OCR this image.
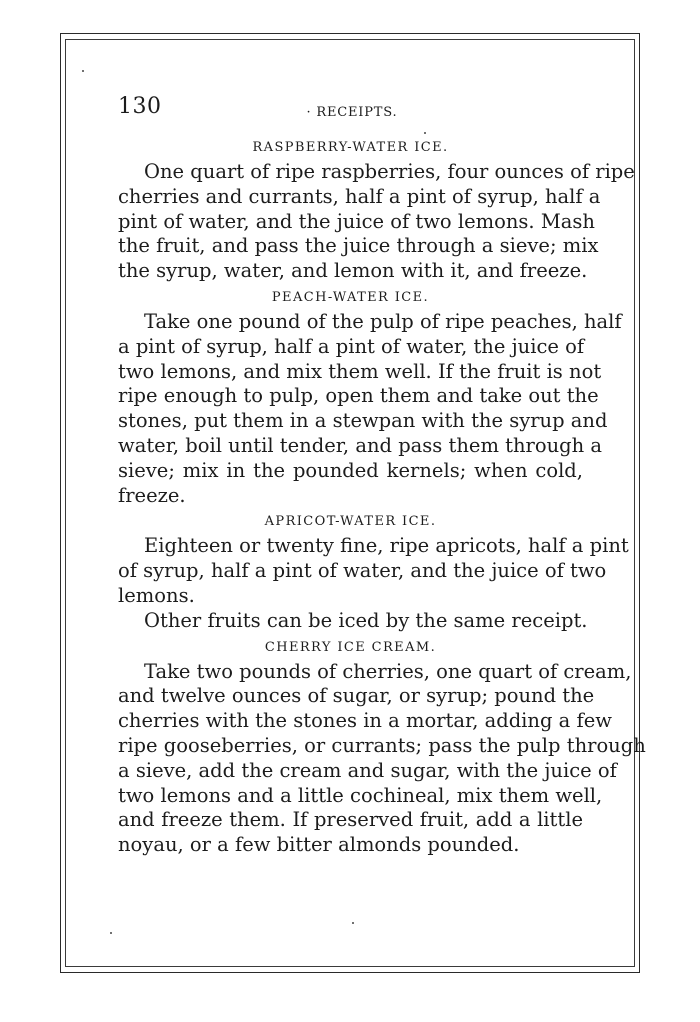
130	· RECEIPTS.
RASPBERRY-WATER ICE.
One quart of ripe raspberries, four ounces of ripe
cherries and currants, half a pint of syrup, half a
pint of water, and the juice of two lemons. Mash
the fruit, and pass the juice through a sieve; mix
the syrup, water, and lemon with it, and freeze.
PEACH-WATER ICE.
Take one pound of the pulp of ripe peaches, half
a pint of syrup, half a pint of water, the juice of
two lemons, and mix them well. If the fruit is not
ripe enough to pulp, open them and take out the
stones, put them in a stewpan with the syrup and
water, boil until tender, and pass them through a
sieve; mix in the pounded kernels; when cold,
freeze.
APRICOT-WATER ICE.
Eighteen or twenty fine, ripe apricots, half a pint
of syrup, half a pint of water, and the juice of two
lemons.
Other fruits can be iced by the same receipt.
CHERRY ICE CREAM.
Take two pounds of cherries, one quart of cream,
and twelve ounces of sugar, or syrup; pound the
cherries with the stones in a mortar, adding a few
ripe gooseberries, or currants; pass the pulp through
a sieve, add the cream and sugar, with the juice of
two lemons and a little cochineal, mix them well,
and freeze them. If preserved fruit, add a little
noyau, or a few bitter almonds pounded.
